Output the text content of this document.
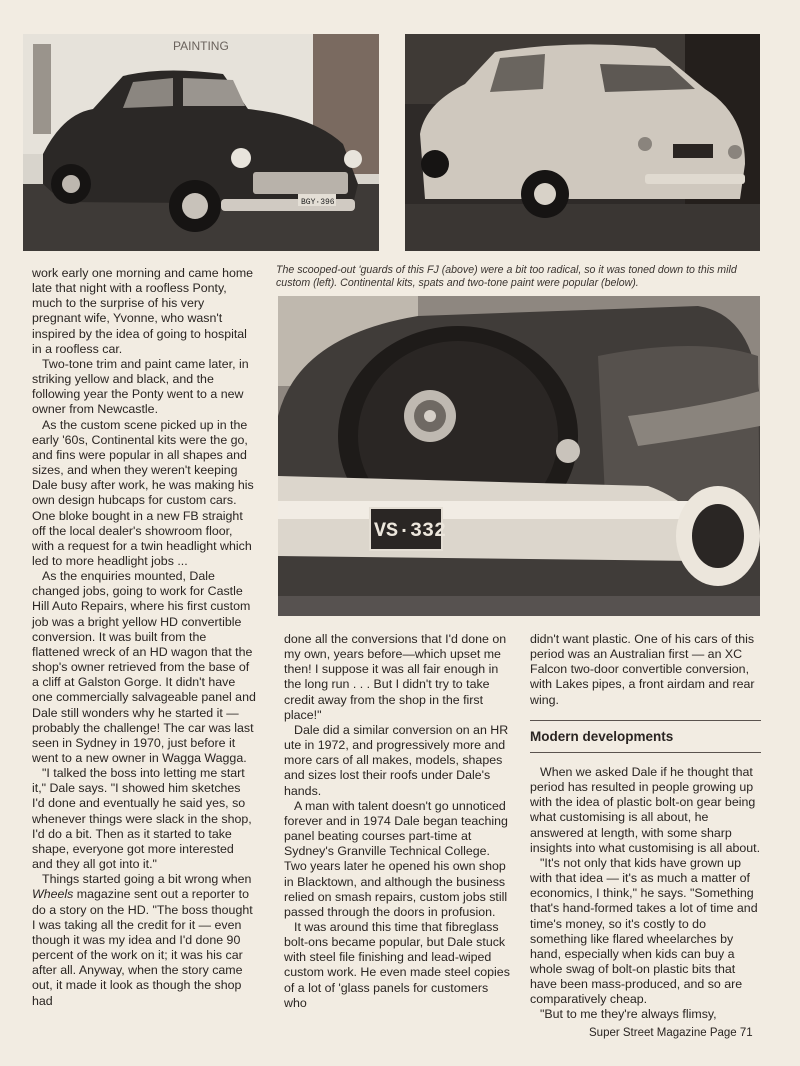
PAINTING
BGY·396

The scooped-out 'guards of this FJ (above) were a bit too radical, so it was toned down to this mild custom (left). Continental kits, spats and two-tone paint were popular (below).

VS·332

work early one morning and came home late that night with a roofless Ponty, much to the surprise of his very pregnant wife, Yvonne, who wasn't inspired by the idea of going to hospital in a roofless car.

Two-tone trim and paint came later, in striking yellow and black, and the following year the Ponty went to a new owner from Newcastle.

As the custom scene picked up in the early '60s, Continental kits were the go, and fins were popular in all shapes and sizes, and when they weren't keeping Dale busy after work, he was making his own design hubcaps for custom cars. One bloke bought in a new FB straight off the local dealer's showroom floor, with a request for a twin headlight which led to more headlight jobs ...

As the enquiries mounted, Dale changed jobs, going to work for Castle Hill Auto Repairs, where his first custom job was a bright yellow HD convertible conversion. It was built from the flattened wreck of an HD wagon that the shop's owner retrieved from the base of a cliff at Galston Gorge. It didn't have one commercially salvageable panel and Dale still wonders why he started it — probably the challenge! The car was last seen in Sydney in 1970, just before it went to a new owner in Wagga Wagga.

"I talked the boss into letting me start it," Dale says. "I showed him sketches I'd done and eventually he said yes, so whenever things were slack in the shop, I'd do a bit. Then as it started to take shape, everyone got more interested and they all got into it."

Things started going a bit wrong when Wheels magazine sent out a reporter to do a story on the HD. "The boss thought I was taking all the credit for it — even though it was my idea and I'd done 90 percent of the work on it; it was his car after all. Anyway, when the story came out, it made it look as though the shop had

done all the conversions that I'd done on my own, years before—which upset me then! I suppose it was all fair enough in the long run . . . But I didn't try to take credit away from the shop in the first place!"

Dale did a similar conversion on an HR ute in 1972, and progressively more and more cars of all makes, models, shapes and sizes lost their roofs under Dale's hands.

A man with talent doesn't go unnoticed forever and in 1974 Dale began teaching panel beating courses part-time at Sydney's Granville Technical College. Two years later he opened his own shop in Blacktown, and although the business relied on smash repairs, custom jobs still passed through the doors in profusion.

It was around this time that fibreglass bolt-ons became popular, but Dale stuck with steel file finishing and lead-wiped custom work. He even made steel copies of a lot of 'glass panels for customers who

didn't want plastic. One of his cars of this period was an Australian first — an XC Falcon two-door convertible conversion, with Lakes pipes, a front airdam and rear wing.

Modern developments

When we asked Dale if he thought that period has resulted in people growing up with the idea of plastic bolt-on gear being what customising is all about, he answered at length, with some sharp insights into what customising is all about.

"It's not only that kids have grown up with that idea — it's as much a matter of economics, I think," he says. "Something that's hand-formed takes a lot of time and time's money, so it's costly to do something like flared wheelarches by hand, especially when kids can buy a whole swag of bolt-on plastic bits that have been mass-produced, and so are comparatively cheap.

"But to me they're always flimsy,

Super Street Magazine Page 71
